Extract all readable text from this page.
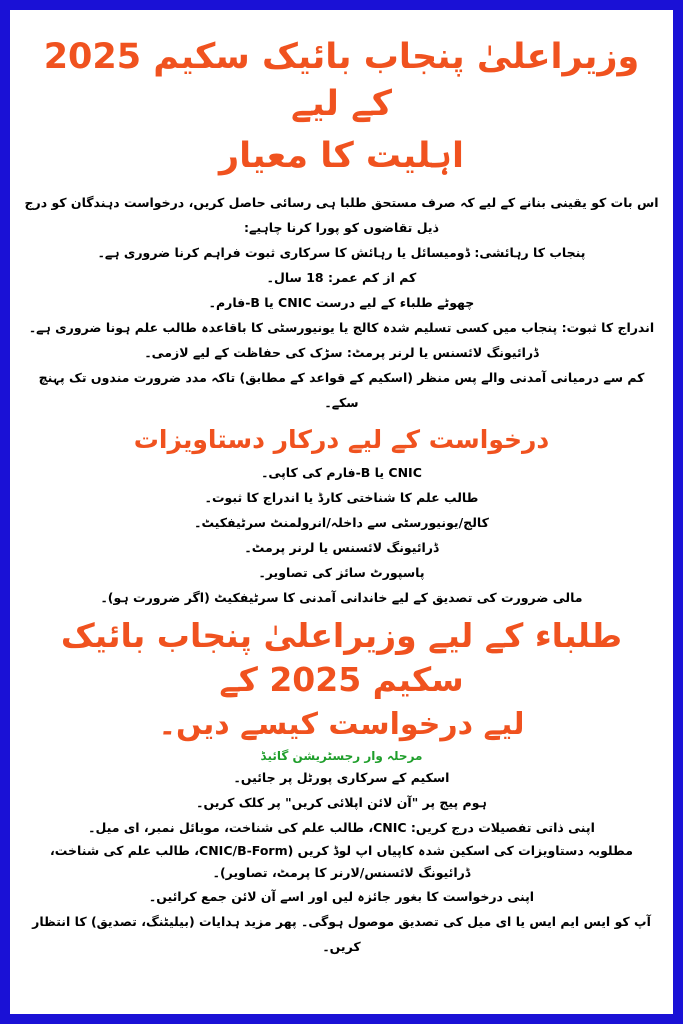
وزیراعلیٰ پنجاب بائیک سکیم 2025 کے لیے
اہلیت کا معیار

اس بات کو یقینی بنانے کے لیے کہ صرف مستحق طلبا ہی رسائی حاصل کریں، درخواست دہندگان کو درج ذیل تقاضوں کو پورا کرنا چاہیے:

پنجاب کا رہائشی: ڈومیسائل یا رہائش کا سرکاری ثبوت فراہم کرنا ضروری ہے۔

کم از کم عمر: 18 سال۔

چھوٹے طلباء کے لیے درست CNIC یا B-فارم۔

اندراج کا ثبوت: پنجاب میں کسی تسلیم شدہ کالج یا یونیورسٹی کا باقاعدہ طالب علم ہونا ضروری ہے۔

ڈرائیونگ لائسنس یا لرنر پرمٹ: سڑک کی حفاظت کے لیے لازمی۔

کم سے درمیانی آمدنی والے پس منظر (اسکیم کے قواعد کے مطابق) تاکہ مدد ضرورت مندوں تک پہنچ سکے۔

درخواست کے لیے درکار دستاویزات

CNIC یا B-فارم کی کاپی۔

طالب علم کا شناختی کارڈ یا اندراج کا ثبوت۔

کالج/یونیورسٹی سے داخلہ/انرولمنٹ سرٹیفکیٹ۔

ڈرائیونگ لائسنس یا لرنر پرمٹ۔

پاسپورٹ سائز کی تصاویر۔

مالی ضرورت کی تصدیق کے لیے خاندانی آمدنی کا سرٹیفکیٹ (اگر ضرورت ہو)۔

طلباء کے لیے وزیراعلیٰ پنجاب بائیک سکیم 2025 کے
لیے درخواست کیسے دیں۔
مرحلہ وار رجسٹریشن گائیڈ

اسکیم کے سرکاری پورٹل پر جائیں۔

ہوم پیج پر "آن لائن اپلائی کریں" پر کلک کریں۔

اپنی ذاتی تفصیلات درج کریں: CNIC، طالب علم کی شناخت، موبائل نمبر، ای میل۔

مطلوبہ دستاویزات کی اسکین شدہ کاپیاں اپ لوڈ کریں (CNIC/B-Form، طالب علم کی شناخت، ڈرائیونگ لائسنس/لارنر کا پرمٹ، تصاویر)۔

اپنی درخواست کا بغور جائزہ لیں اور اسے آن لائن جمع کرائیں۔

آپ کو ایس ایم ایس یا ای میل کی تصدیق موصول ہوگی۔ پھر مزید ہدایات (بیلیٹنگ، تصدیق) کا انتظار کریں۔
